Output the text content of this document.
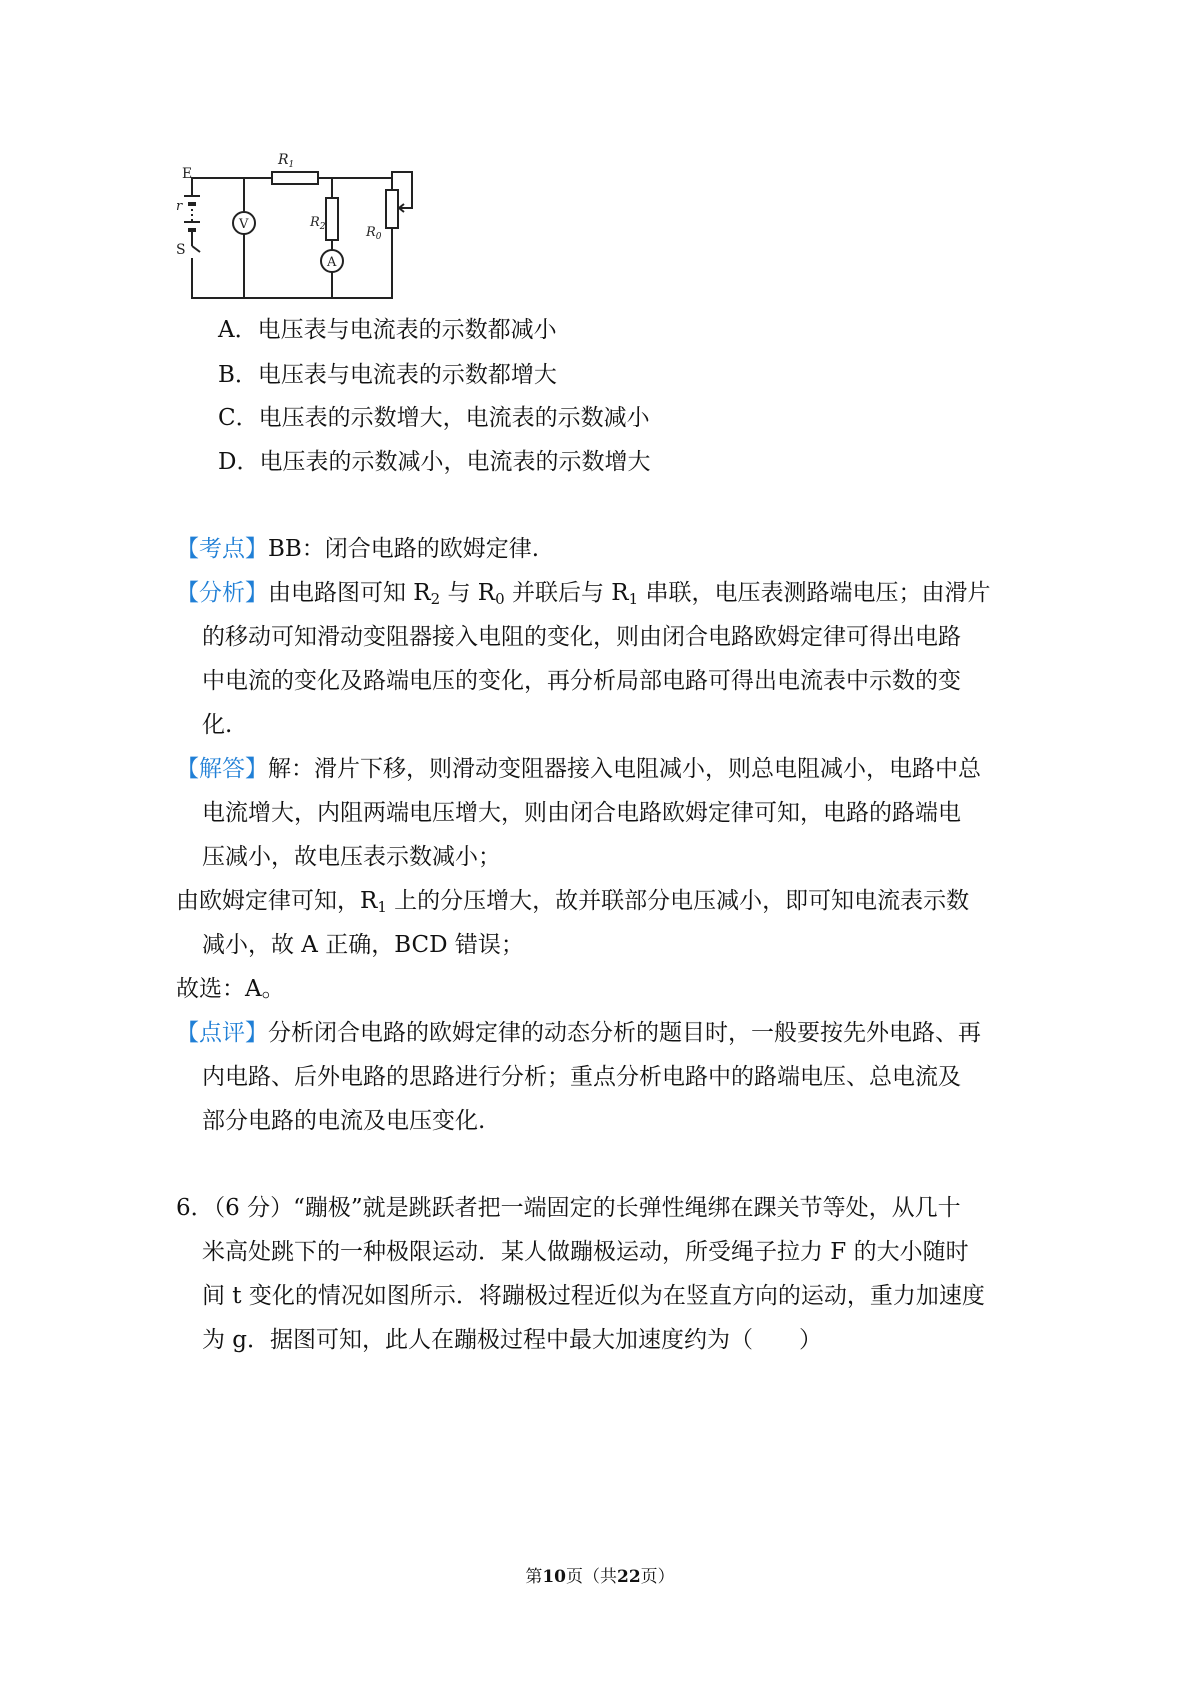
E
r
S
$R_1$
$R_2$	$R_0$
V
A
A．电压表与电流表的示数都减小
B．电压表与电流表的示数都增大
C．电压表的示数增大，电流表的示数减小
D．电压表的示数减小，电流表的示数增大
【考点】BB：闭合电路的欧姆定律.
【分析】由电路图可知 $R_2$ 与 $R_0$ 并联后与 $R_1$ 串联，电压表测路端电压；由滑片
的移动可知滑动变阻器接入电阻的变化，则由闭合电路欧姆定律可得出电路
中电流的变化及路端电压的变化，再分析局部电路可得出电流表中示数的变
化.
【解答】解：滑片下移，则滑动变阻器接入电阻减小，则总电阻减小，电路中总
电流增大，内阻两端电压增大，则由闭合电路欧姆定律可知，电路的路端电
压减小，故电压表示数减小；
由欧姆定律可知，$R_1$ 上的分压增大，故并联部分电压减小，即可知电流表示数
减小，故 A 正确，BCD 错误；
故选：A。
【点评】分析闭合电路的欧姆定律的动态分析的题目时，一般要按先外电路、再
内电路、后外电路的思路进行分析；重点分析电路中的路端电压、总电流及
部分电路的电流及电压变化.
6．（6 分）“蹦极”就是跳跃者把一端固定的长弹性绳绑在踝关节等处，从几十
米高处跳下的一种极限运动．某人做蹦极运动，所受绳子拉力 F 的大小随时
间 t 变化的情况如图所示．将蹦极过程近似为在竖直方向的运动，重力加速度
为 g．据图可知，此人在蹦极过程中最大加速度约为（　　）
第10页（共22页）
